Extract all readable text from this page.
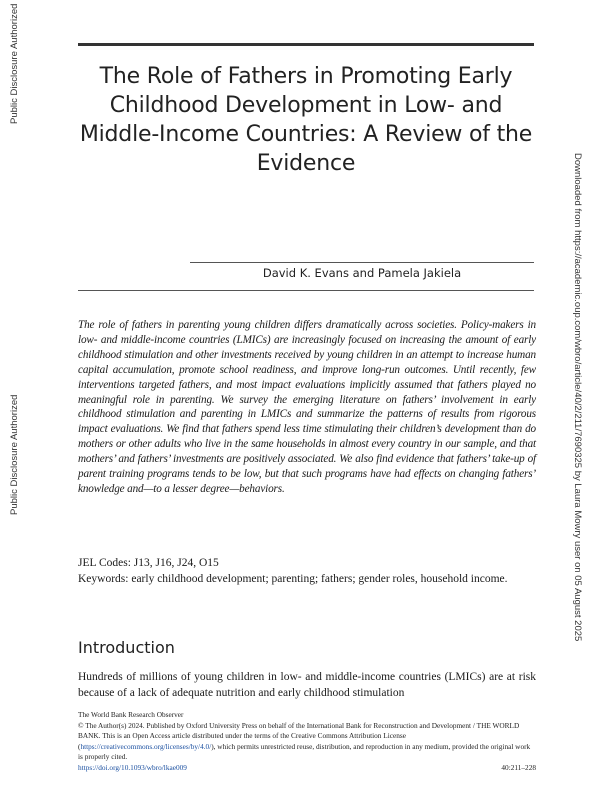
Public Disclosure Authorized
Public Disclosure Authorized	Downloaded from https://academic.oup.com/wbro/article/40/2/211/7690325 by Laura Mowry user on 05 August 2025
The Role of Fathers in Promoting Early Childhood Development in Low- and Middle-Income Countries: A Review of the Evidence
David K. Evans and Pamela Jakiela

The role of fathers in parenting young children differs dramatically across societies. Policy-makers in low- and middle-income countries (LMICs) are increasingly focused on increasing the amount of early childhood stimulation and other investments received by young children in an attempt to increase human capital accumulation, promote school readiness, and improve long-run outcomes. Until recently, few interventions targeted fathers, and most impact evaluations implicitly assumed that fathers played no meaningful role in parenting. We survey the emerging literature on fathers’ involvement in early childhood stimulation and parenting in LMICs and summarize the patterns of results from rigorous impact evaluations. We find that fathers spend less time stimulating their children’s development than do mothers or other adults who live in the same households in almost every country in our sample, and that mothers’ and fathers’ investments are positively associated. We also find evidence that fathers’ take-up of parent training programs tends to be low, but that such programs have had effects on changing fathers’ knowledge and—to a lesser degree—behaviors.

JEL Codes: J13, J16, J24, O15

Keywords: early childhood development; parenting; fathers; gender roles, household income.

Introduction

Hundreds of millions of young children in low- and middle-income countries (LMICs) are at risk because of a lack of adequate nutrition and early childhood stimulation

The World Bank Research Observer
© The Author(s) 2024. Published by Oxford University Press on behalf of the International Bank for Reconstruction and Development / THE WORLD BANK. This is an Open Access article distributed under the terms of the Creative Commons Attribution License (https://creativecommons.org/licenses/by/4.0/), which permits unrestricted reuse, distribution, and reproduction in any medium, provided the original work is properly cited.
https://doi.org/10.1093/wbro/lkae009	40:211–228
